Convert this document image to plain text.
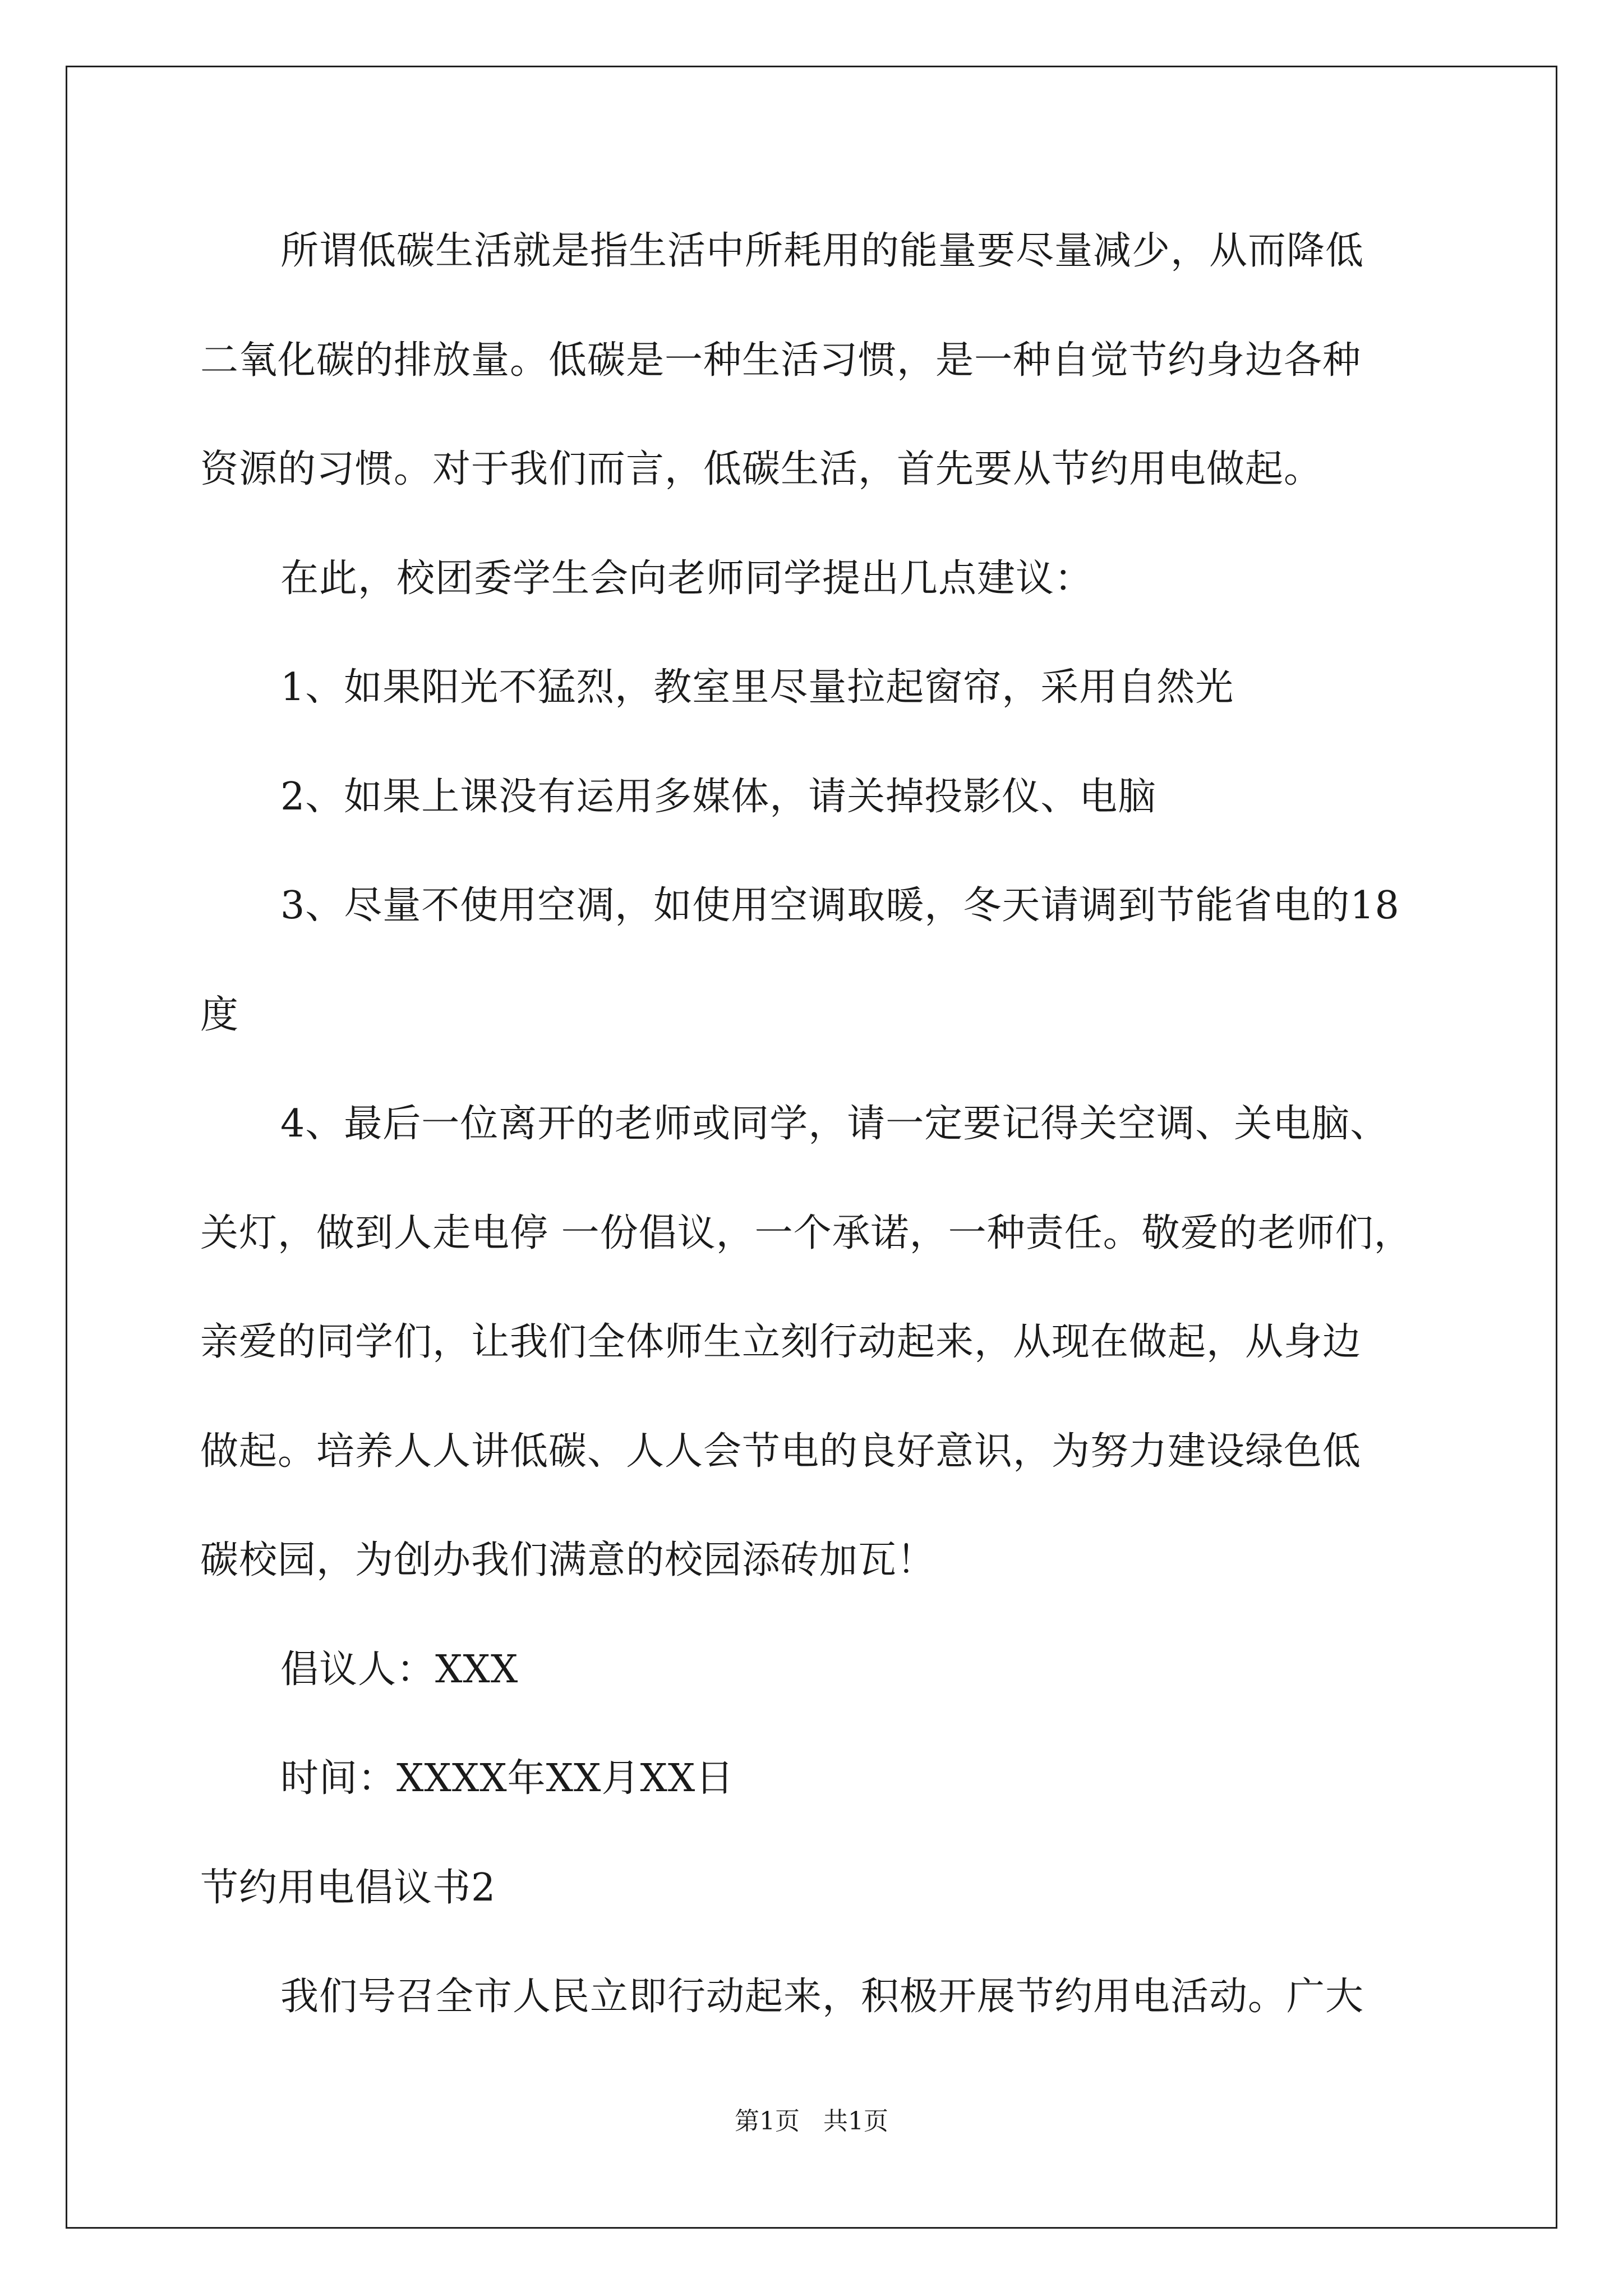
所谓低碳生活就是指生活中所耗用的能量要尽量减少，从而降低
二氧化碳的排放量。低碳是一种生活习惯，是一种自觉节约身边各种
资源的习惯。对于我们而言，低碳生活，首先要从节约用电做起。
在此，校团委学生会向老师同学提出几点建议：
1、如果阳光不猛烈，教室里尽量拉起窗帘，采用自然光
2、如果上课没有运用多媒体，请关掉投影仪、电脑
3、尽量不使用空凋，如使用空调取暖，冬天请调到节能省电的18
度
4、最后一位离开的老师或同学，请一定要记得关空调、关电脑、
关灯，做到人走电停 一份倡议，一个承诺，一种责任。敬爱的老师们，
亲爱的同学们，让我们全体师生立刻行动起来，从现在做起，从身边
做起。培养人人讲低碳、人人会节电的良好意识，为努力建设绿色低
碳校园，为创办我们满意的校园添砖加瓦！
倡议人：XXX
时间：XXXX年XX月XX日
节约用电倡议书2
我们号召全市人民立即行动起来，积极开展节约用电活动。广大
第1页   共1页
